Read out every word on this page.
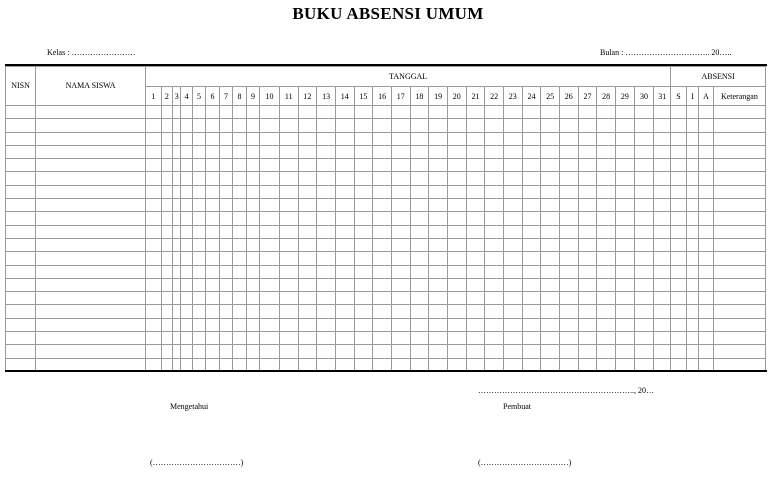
BUKU ABSENSI UMUM
Kelas : ……………………	Bulan : ………………………….. 20…..
NISN	NAMA SISWA	TANGGAL																															ABSENSI			
		1	2	3	4	5	6	7	8	9	10	11	12	13	14	15	16	17	18	19	20	21	22	23	24	25	26	27	28	29	30	31	S	I	A	Keterangan

………………………………………………….., 20…
Mengetahui	Pembuat
(……………………………)	(……………………………)
